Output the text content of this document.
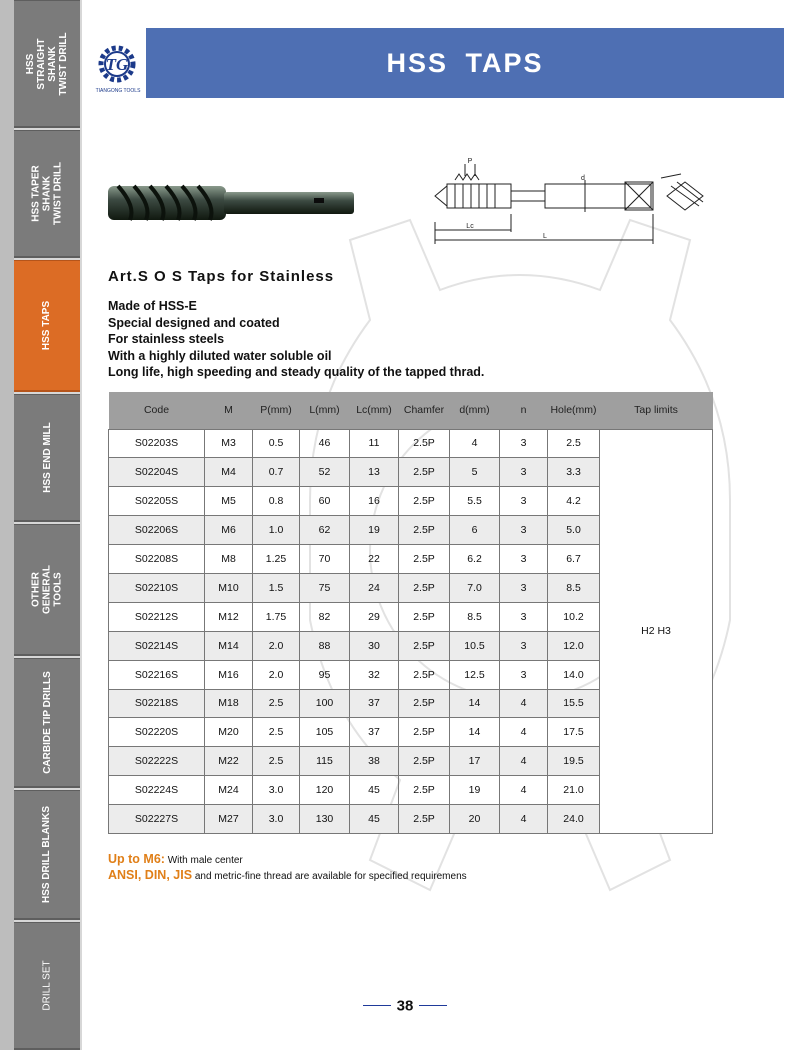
HSS STRAIGHT SHANK TWIST DRILL
HSS TAPER SHANK TWIST DRILL
HSS TAPS
HSS END MILL
OTHER GENERAL TOOLS
CARBIDE TIP DRILLS
HSS DRILL BLANKS
DRILL SET
TG
TIANGONG TOOLS
HSS TAPS
P
d
Lc
L
Art.S O S Taps for Stainless
Made of HSS-E
Special designed and coated
For stainless steels
With a highly diluted water soluble oil
Long life, high speeding and steady quality of the tapped thrad.
Code	M	P(mm)	L(mm)	Lc(mm)	Chamfer	d(mm)	n	Hole(mm)	Tap limits
S02203S	M3	0.5	46	11	2.5P	4	3	2.5	H2 H3
S02204S	M4	0.7	52	13	2.5P	5	3	3.3	
S02205S	M5	0.8	60	16	2.5P	5.5	3	4.2	
S02206S	M6	1.0	62	19	2.5P	6	3	5.0	
S02208S	M8	1.25	70	22	2.5P	6.2	3	6.7	
S02210S	M10	1.5	75	24	2.5P	7.0	3	8.5	
S02212S	M12	1.75	82	29	2.5P	8.5	3	10.2	
S02214S	M14	2.0	88	30	2.5P	10.5	3	12.0	
S02216S	M16	2.0	95	32	2.5P	12.5	3	14.0	
S02218S	M18	2.5	100	37	2.5P	14	4	15.5	
S02220S	M20	2.5	105	37	2.5P	14	4	17.5	
S02222S	M22	2.5	115	38	2.5P	17	4	19.5	
S02224S	M24	3.0	120	45	2.5P	19	4	21.0	
S02227S	M27	3.0	130	45	2.5P	20	4	24.0	
Up to M6: With male center
ANSI, DIN, JIS and metric-fine thread are available for specified requiremens
38
